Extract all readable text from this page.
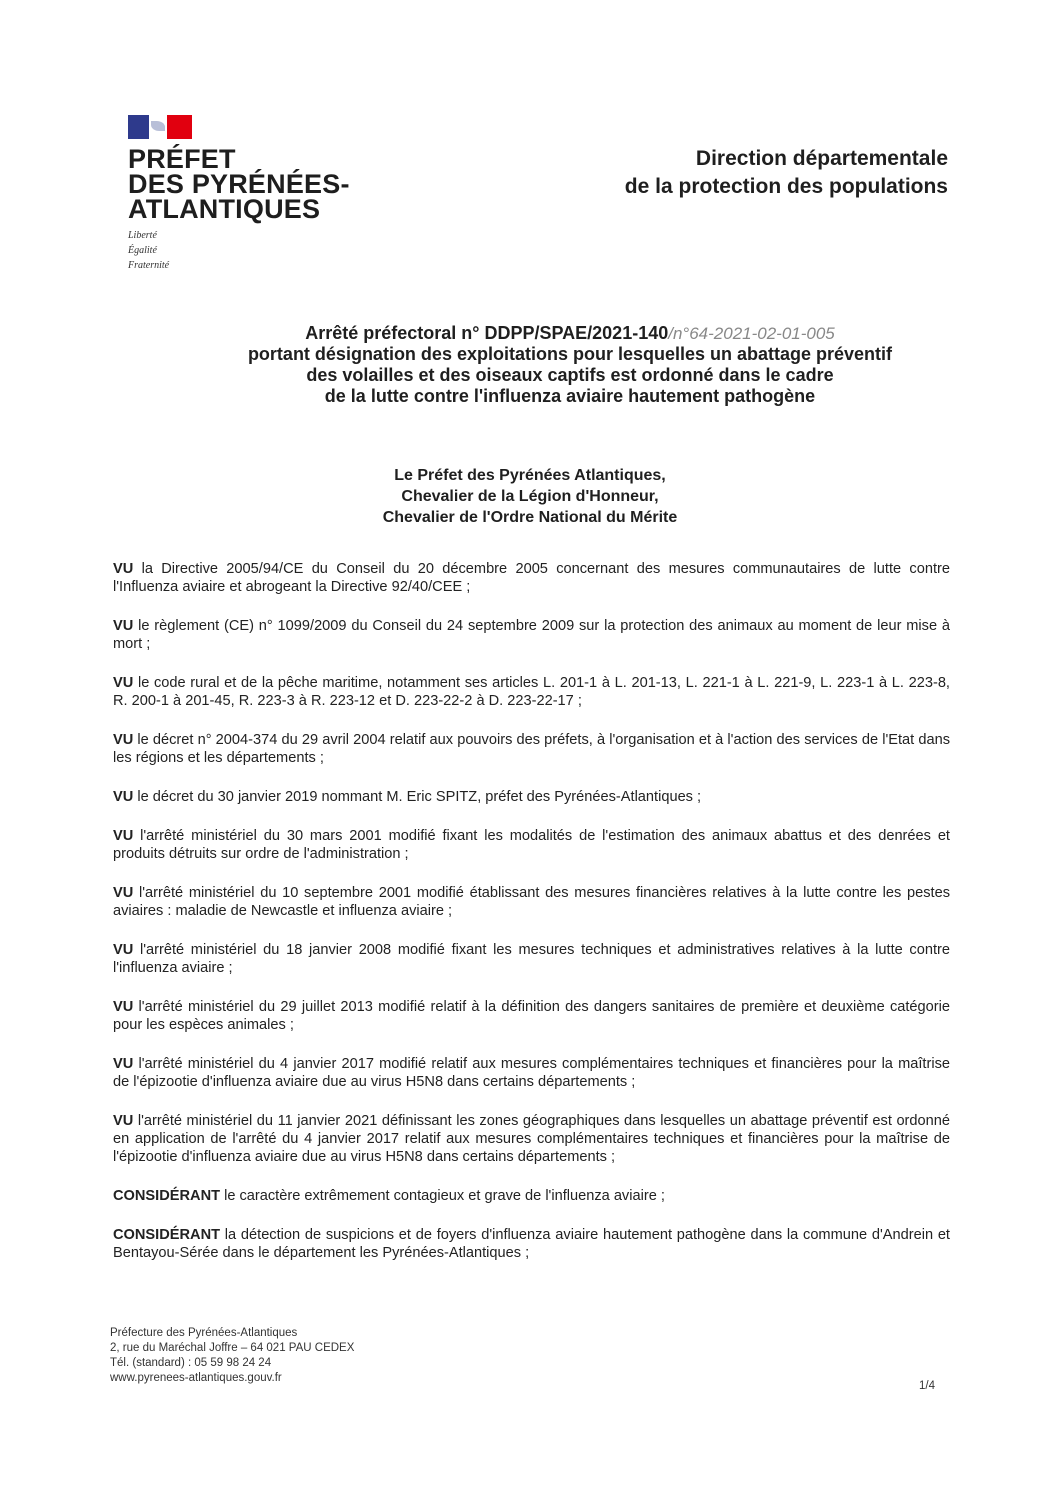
PRÉFET
DES PYRÉNÉES-
ATLANTIQUES
Liberté
Égalité
Fraternité
Direction départementale
de la protection des populations
Arrêté préfectoral n° DDPP/SPAE/2021-140/n°64-2021-02-01-005
portant désignation des exploitations pour lesquelles un abattage préventif
des volailles et des oiseaux captifs est ordonné dans le cadre
de la lutte contre l'influenza aviaire hautement pathogène
Le Préfet des Pyrénées Atlantiques,
Chevalier de la Légion d'Honneur,
Chevalier de l'Ordre National du Mérite

VU la Directive 2005/94/CE du Conseil du 20 décembre 2005 concernant des mesures communautaires de lutte contre l'Influenza aviaire et abrogeant la Directive 92/40/CEE ;

VU le règlement (CE) n° 1099/2009 du Conseil du 24 septembre 2009 sur la protection des animaux au moment de leur mise à mort ;

VU le code rural et de la pêche maritime, notamment ses articles L. 201-1 à L. 201-13, L. 221-1 à L. 221-9, L. 223-1 à L. 223-8, R. 200-1 à 201-45, R. 223-3 à R. 223-12 et D. 223-22-2 à D. 223-22-17 ;

VU le décret n° 2004-374 du 29 avril 2004 relatif aux pouvoirs des préfets, à l'organisation et à l'action des services de l'Etat dans les régions et les départements ;

VU le décret du 30 janvier 2019 nommant M. Eric SPITZ, préfet des Pyrénées-Atlantiques ;

VU l'arrêté ministériel du 30 mars 2001 modifié fixant les modalités de l'estimation des animaux abattus et des denrées et produits détruits sur ordre de l'administration ;

VU l'arrêté ministériel du 10 septembre 2001 modifié établissant des mesures financières relatives à la lutte contre les pestes aviaires : maladie de Newcastle et influenza aviaire ;

VU l'arrêté ministériel du 18 janvier 2008 modifié fixant les mesures techniques et administratives relatives à la lutte contre l'influenza aviaire ;

VU l'arrêté ministériel du 29 juillet 2013 modifié relatif à la définition des dangers sanitaires de première et deuxième catégorie pour les espèces animales ;

VU l'arrêté ministériel du 4 janvier 2017 modifié relatif aux mesures complémentaires techniques et financières pour la maîtrise de l'épizootie d'influenza aviaire due au virus H5N8 dans certains départements ;

VU l'arrêté ministériel du 11 janvier 2021 définissant les zones géographiques dans lesquelles un abattage préventif est ordonné en application de l'arrêté du 4 janvier 2017 relatif aux mesures complémentaires techniques et financières pour la maîtrise de l'épizootie d'influenza aviaire due au virus H5N8 dans certains départements ;

CONSIDÉRANT le caractère extrêmement contagieux et grave de l'influenza aviaire ;

CONSIDÉRANT la détection de suspicions et de foyers d'influenza aviaire hautement pathogène dans la commune d'Andrein et Bentayou-Sérée dans le département les Pyrénées-Atlantiques ;

Préfecture des Pyrénées-Atlantiques
2, rue du Maréchal Joffre – 64 021 PAU CEDEX
Tél. (standard) : 05 59 98 24 24
www.pyrenees-atlantiques.gouv.fr
1/4
